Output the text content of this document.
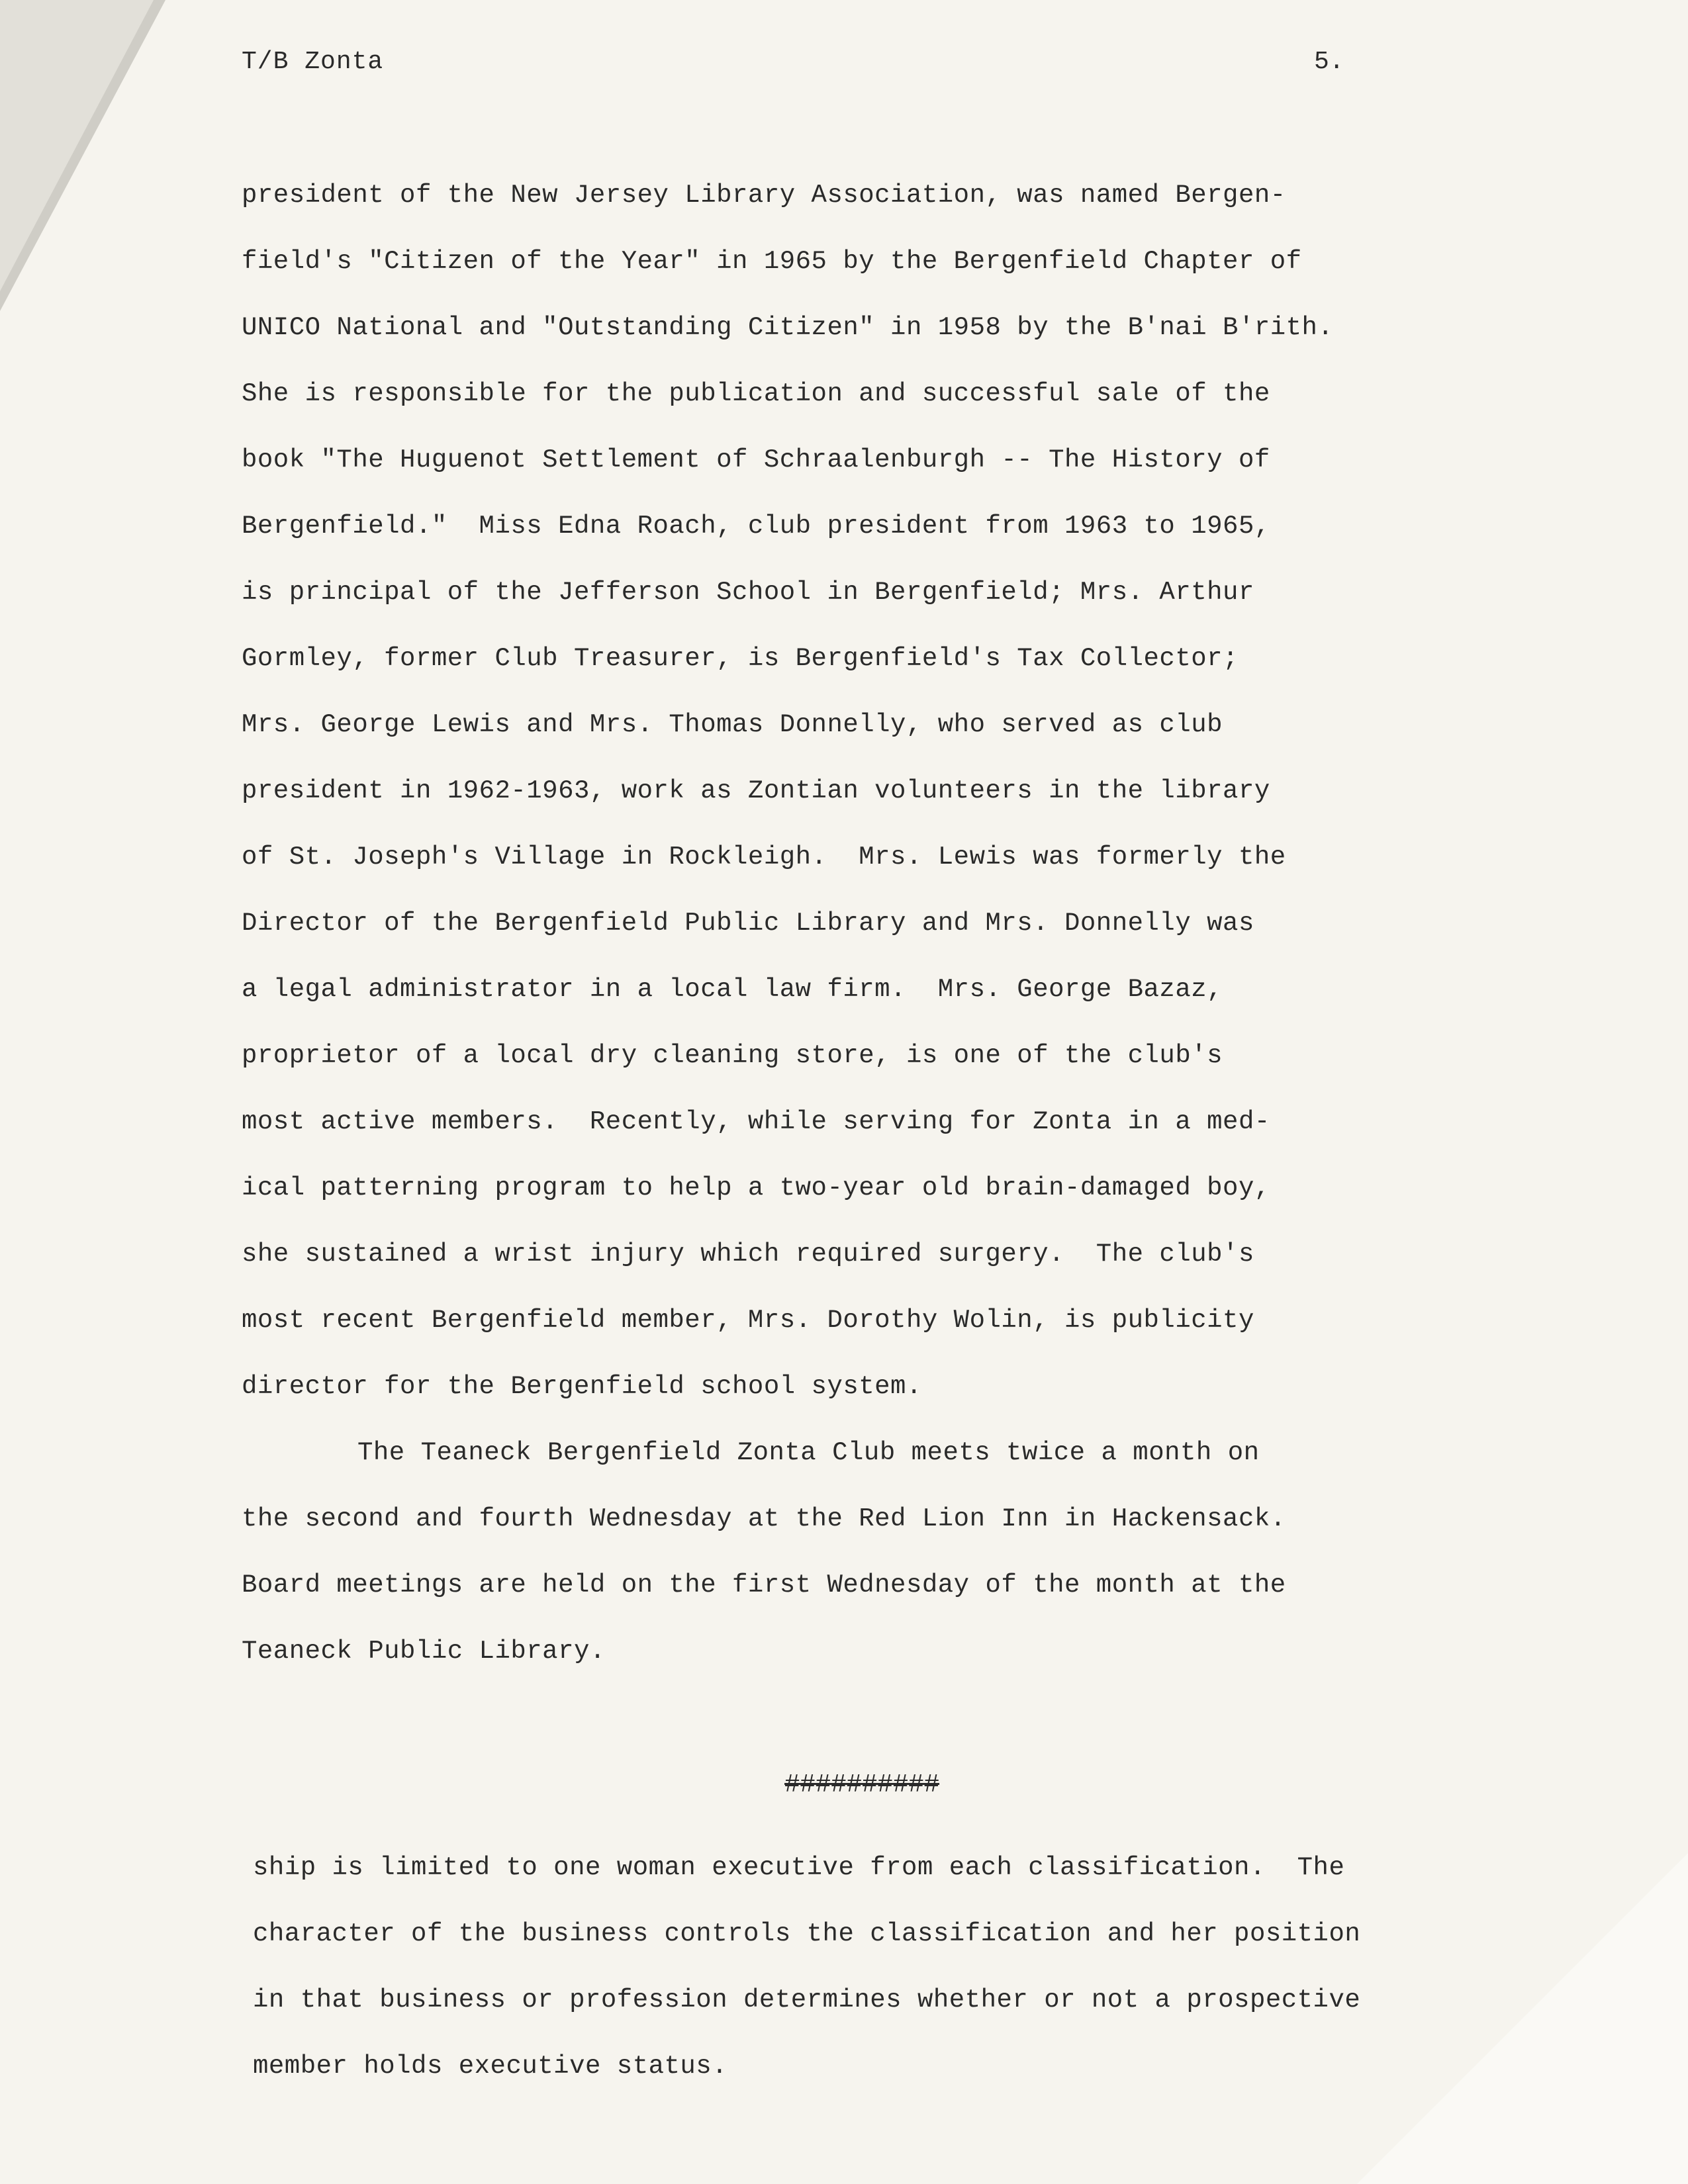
T/B Zonta	5.
president of the New Jersey Library Association, was named Bergen-
field's "Citizen of the Year" in 1965 by the Bergenfield Chapter of
UNICO National and "Outstanding Citizen" in 1958 by the B'nai B'rith.
She is responsible for the publication and successful sale of the
book "The Huguenot Settlement of Schraalenburgh -- The History of
Bergenfield."  Miss Edna Roach, club president from 1963 to 1965,
is principal of the Jefferson School in Bergenfield; Mrs. Arthur
Gormley, former Club Treasurer, is Bergenfield's Tax Collector;
Mrs. George Lewis and Mrs. Thomas Donnelly, who served as club
president in 1962-1963, work as Zontian volunteers in the library
of St. Joseph's Village in Rockleigh.  Mrs. Lewis was formerly the
Director of the Bergenfield Public Library and Mrs. Donnelly was
a legal administrator in a local law firm.  Mrs. George Bazaz,
proprietor of a local dry cleaning store, is one of the club's
most active members.  Recently, while serving for Zonta in a med-
ical patterning program to help a two-year old brain-damaged boy,
she sustained a wrist injury which required surgery.  The club's
most recent Bergenfield member, Mrs. Dorothy Wolin, is publicity
director for the Bergenfield school system.
The Teaneck Bergenfield Zonta Club meets twice a month on
the second and fourth Wednesday at the Red Lion Inn in Hackensack.
Board meetings are held on the first Wednesday of the month at the
Teaneck Public Library.
##########
ship is limited to one woman executive from each classification.  The
character of the business controls the classification and her position
in that business or profession determines whether or not a prospective
member holds executive status.
